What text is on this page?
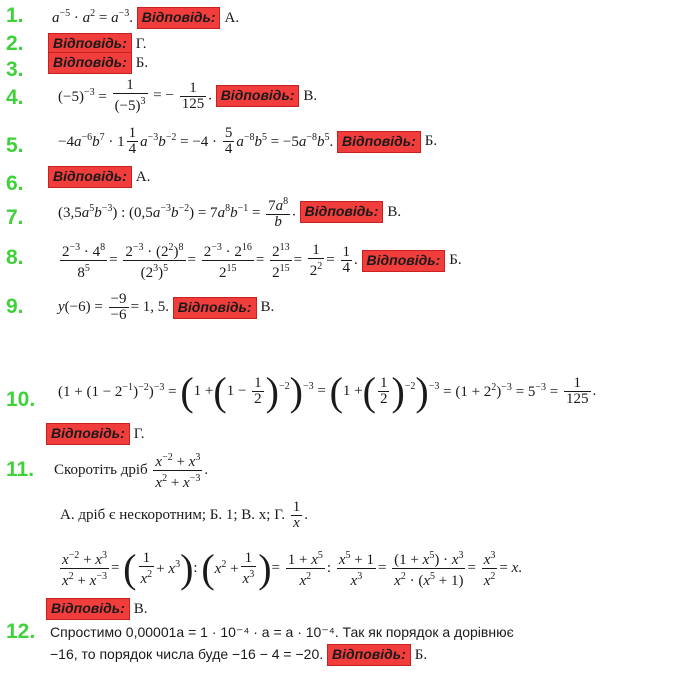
1. $a^{-5} \cdot a^2 = a^{-3}$. Відповідь: А.
2.	Відповідь: Г.
3.	Відповідь: Б.
4. $(-5)^{-3} = \frac{1}{(-5)^3}$ = − $\frac{1}{125}$ . Відповідь: В.
5. $-4a^{-6}b^7 \cdot 1 \frac{1}{4} a^{-3}b^{-2} = -4 \cdot \frac{5}{4} a^{-8}b^5 = -5a^{-8}b^5$. Відповідь: Б.
6.	Відповідь: А.
7. $(3,5a^5b^{-3})$ : $(0,5a^{-3}b^{-2}) = 7a^8b^{-1} = \frac{7a^8}{b}$ . Відповідь: В.
8. $\frac{2^{-3} \cdot 4^8}{8^5} = \frac{2^{-3} \cdot (2^2)^8}{(2^3)^5} = \frac{2^{-3} \cdot 2^{16}}{2^{15}} = \frac{2^{13}}{2^{15}} = \frac{1}{2^2} = \frac{1}{4}$ . Відповідь: Б.
9. $y(-6) = \frac{-9}{-6} = 1$, 5. Відповідь: В.
10. $(1 + (1 - 2^{-1})^{-2})^{-3} = (1 +(1 - \frac{1}{2} )^{-2})^{-3} = (1$ +( $\frac{1}{2} )^{-2})^{-3} = (1 + 2^2)^{-3} = 5^{-3} = \frac{1}{125}$ .
Відповідь: Г.
11. Скоротіть дріб $\frac{x^{-2} + x^3}{x^2 + x^{-3}}$ .
А. дріб є нескоротним; Б. 1; В. x; Г. $\frac{1}{x}$ .
$\frac{x^{-2} + x^3}{x^2 + x^{-3}}$ = ( $\frac{1}{x^2} + x^3$): ($x^2 + \frac{1}{x^3}$ )= $\frac{1 + x^5}{x^2}$ : $\frac{x^5 + 1}{x^3} = \frac{(1 + x^5) \cdot x^3}{x^2 \cdot (x^5 + 1)} = \frac{x^3}{x^2} = x$.
Відповідь: В.
12. Спростимо 0,00001a = 1 · 10⁻⁴ · a = a · 10⁻⁴. Так як порядок a дорівнює
−16, то порядок числа буде −16 − 4 = −20. Відповідь: Б.
